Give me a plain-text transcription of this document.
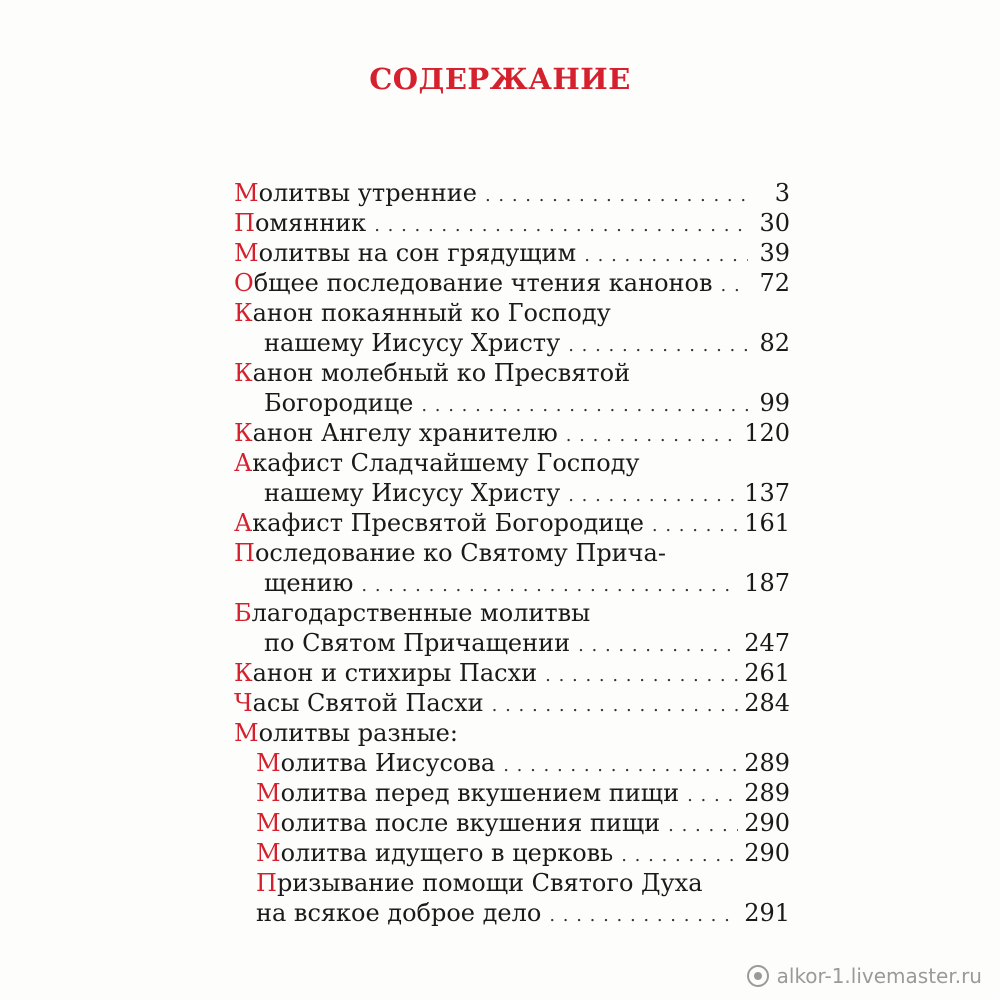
СОДЕРЖАНИЕ
М олитвы утренние . . .	3
П омянник . . .	30
М олитвы на сон грядущим . . .	39
О бщее последование чтения канонов . . . 72
К анон покаянный ко Господу
нашему Иисусу Христу . . .	82
К анон молебный ко Пресвятой
Богородице . . .	99
К анон Ангелу хранителю . . .	120
А кафист Сладчайшему Господу
нашему Иисусу Христу . . .	137
А кафист Пресвятой Богородице . . .	161
П оследование ко Святому Прича-
щению . . .	187
Б лагодарственные молитвы
по Святом Причащении . . .	247
К анон и стихиры Пасхи . . .	261
Ч асы Святой Пасхи . . .	284
М олитвы разные:
М олитва Иисусова . . .	289
М олитва перед вкушением пищи . . .	289
М олитва после вкушения пищи . . .	290
М олитва идущего в церковь . . .	290
П ризывание помощи Святого Духа
на всякое доброе дело . . .	291
alkor-1.livemaster.ru
